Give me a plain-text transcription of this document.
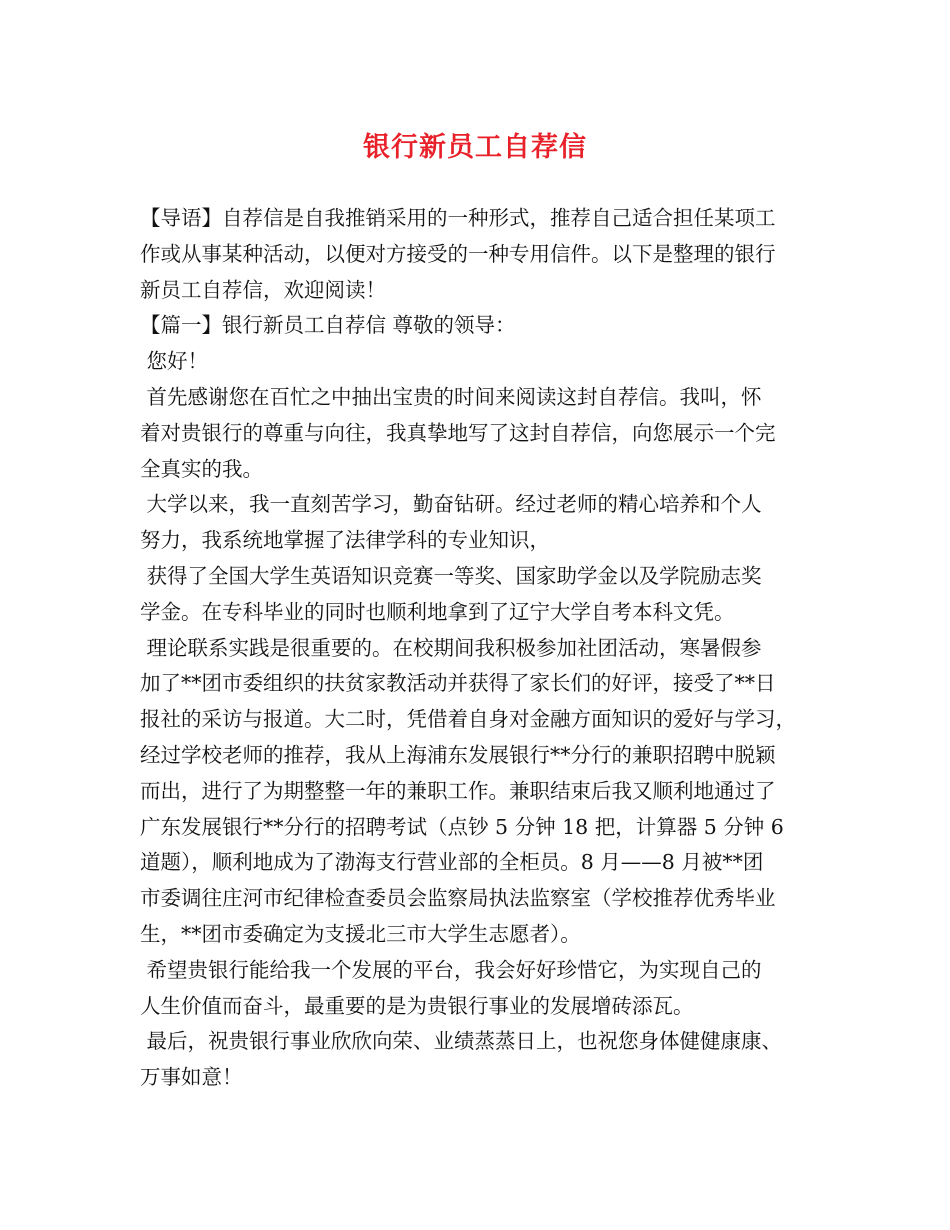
银行新员工自荐信
【导语】自荐信是自我推销采用的一种形式，推荐自己适合担任某项工
作或从事某种活动，以便对方接受的一种专用信件。以下是整理的银行
新员工自荐信，欢迎阅读！
【篇一】银行新员工自荐信 尊敬的领导：
您好！
首先感谢您在百忙之中抽出宝贵的时间来阅读这封自荐信。我叫，怀
着对贵银行的尊重与向往，我真挚地写了这封自荐信，向您展示一个完
全真实的我。
大学以来，我一直刻苦学习，勤奋钻研。经过老师的精心培养和个人
努力，我系统地掌握了法律学科的专业知识，
获得了全国大学生英语知识竞赛一等奖、国家助学金以及学院励志奖
学金。在专科毕业的同时也顺利地拿到了辽宁大学自考本科文凭。
理论联系实践是很重要的。在校期间我积极参加社团活动，寒暑假参
加了**团市委组织的扶贫家教活动并获得了家长们的好评，接受了**日
报社的采访与报道。大二时，凭借着自身对金融方面知识的爱好与学习，
经过学校老师的推荐，我从上海浦东发展银行**分行的兼职招聘中脱颖
而出，进行了为期整整一年的兼职工作。兼职结束后我又顺利地通过了
广东发展银行**分行的招聘考试（点钞 5 分钟 18 把，计算器 5 分钟 6
道题），顺利地成为了渤海支行营业部的全柜员。8 月——8 月被**团
市委调往庄河市纪律检查委员会监察局执法监察室（学校推荐优秀毕业
生，**团市委确定为支援北三市大学生志愿者）。
希望贵银行能给我一个发展的平台，我会好好珍惜它，为实现自己的
人生价值而奋斗，最重要的是为贵银行事业的发展增砖添瓦。
最后，祝贵银行事业欣欣向荣、业绩蒸蒸日上，也祝您身体健健康康、
万事如意！
